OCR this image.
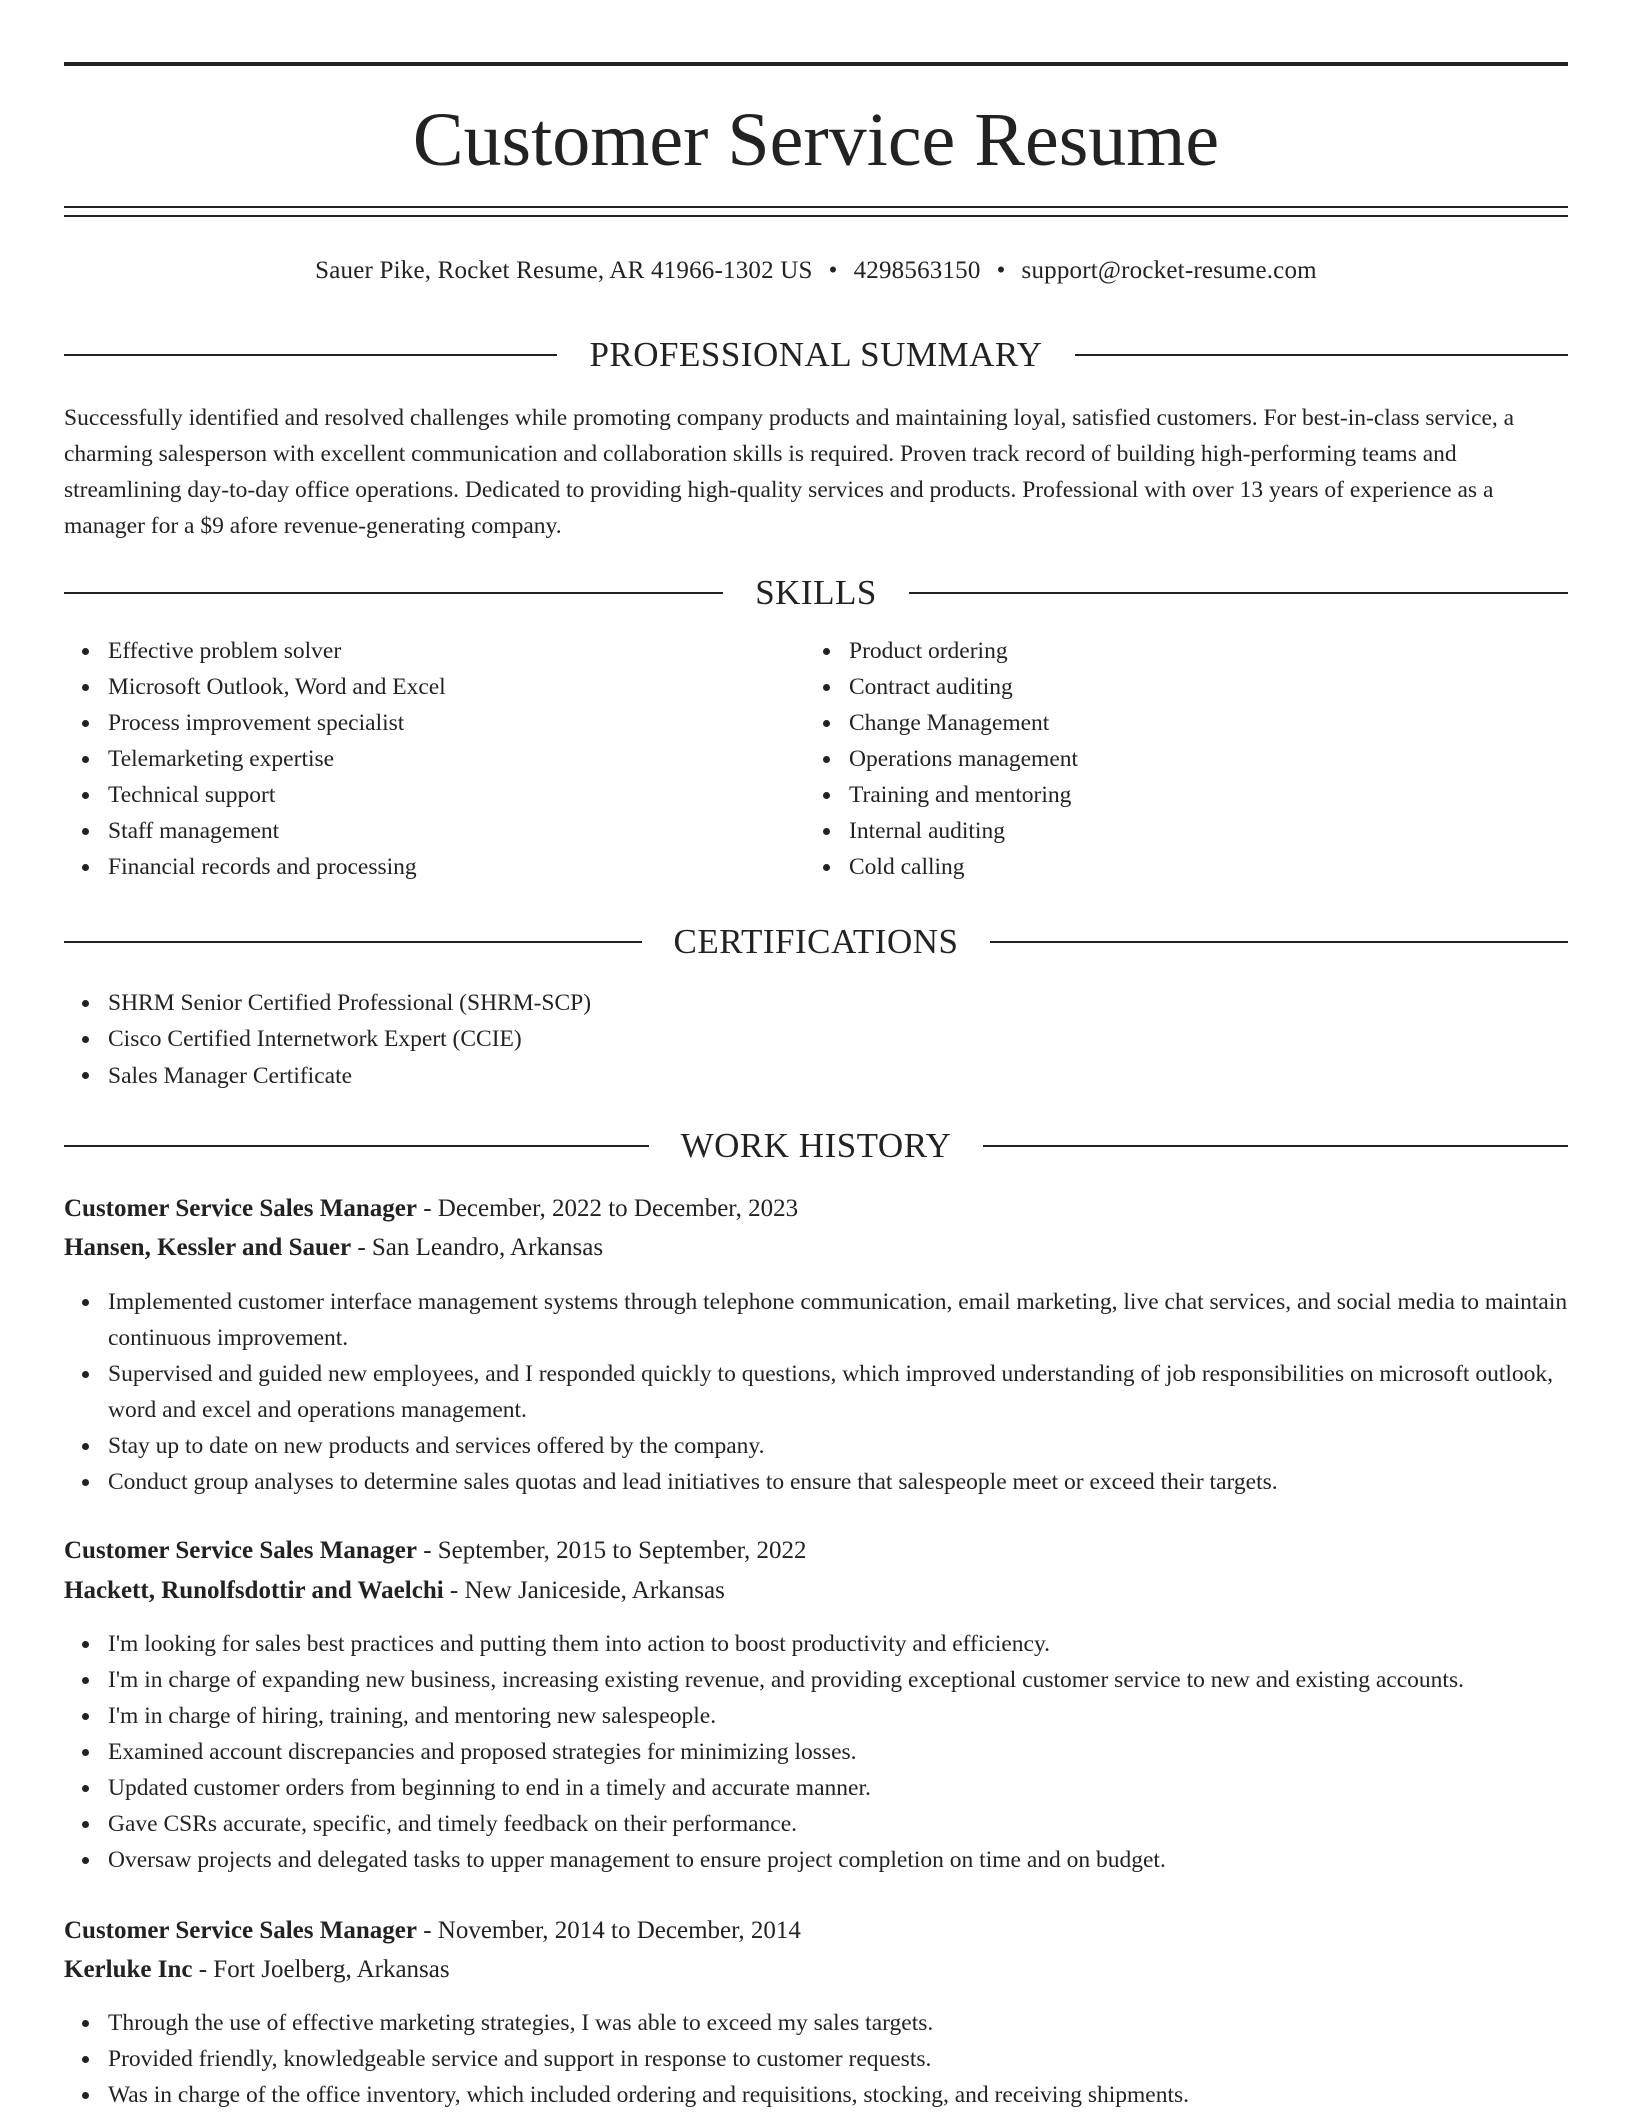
Customer Service Resume
Sauer Pike, Rocket Resume, AR 41966-1302 US • 4298563150 • support@rocket-resume.com
PROFESSIONAL SUMMARY

Successfully identified and resolved challenges while promoting company products and maintaining loyal, satisfied customers. For best-in-class service, a charming salesperson with excellent communication and collaboration skills is required. Proven track record of building high-performing teams and streamlining day-to-day office operations. Dedicated to providing high-quality services and products. Professional with over 13 years of experience as a manager for a $9 afore revenue-generating company.

SKILLS
Effective problem solver
Microsoft Outlook, Word and Excel
Process improvement specialist
Telemarketing expertise
Technical support
Staff management
Financial records and processing
Product ordering
Contract auditing
Change Management
Operations management
Training and mentoring
Internal auditing
Cold calling
CERTIFICATIONS
SHRM Senior Certified Professional (SHRM-SCP)
Cisco Certified Internetwork Expert (CCIE)
Sales Manager Certificate
WORK HISTORY
Customer Service Sales Manager - December, 2022 to December, 2023
Hansen, Kessler and Sauer - San Leandro, Arkansas
Implemented customer interface management systems through telephone communication, email marketing, live chat services, and social media to maintain continuous improvement.
Supervised and guided new employees, and I responded quickly to questions, which improved understanding of job responsibilities on microsoft outlook, word and excel and operations management.
Stay up to date on new products and services offered by the company.
Conduct group analyses to determine sales quotas and lead initiatives to ensure that salespeople meet or exceed their targets.
Customer Service Sales Manager - September, 2015 to September, 2022
Hackett, Runolfsdottir and Waelchi - New Janiceside, Arkansas
I'm looking for sales best practices and putting them into action to boost productivity and efficiency.
I'm in charge of expanding new business, increasing existing revenue, and providing exceptional customer service to new and existing accounts.
I'm in charge of hiring, training, and mentoring new salespeople.
Examined account discrepancies and proposed strategies for minimizing losses.
Updated customer orders from beginning to end in a timely and accurate manner.
Gave CSRs accurate, specific, and timely feedback on their performance.
Oversaw projects and delegated tasks to upper management to ensure project completion on time and on budget.
Customer Service Sales Manager - November, 2014 to December, 2014
Kerluke Inc - Fort Joelberg, Arkansas
Through the use of effective marketing strategies, I was able to exceed my sales targets.
Provided friendly, knowledgeable service and support in response to customer requests.
Was in charge of the office inventory, which included ordering and requisitions, stocking, and receiving shipments.
